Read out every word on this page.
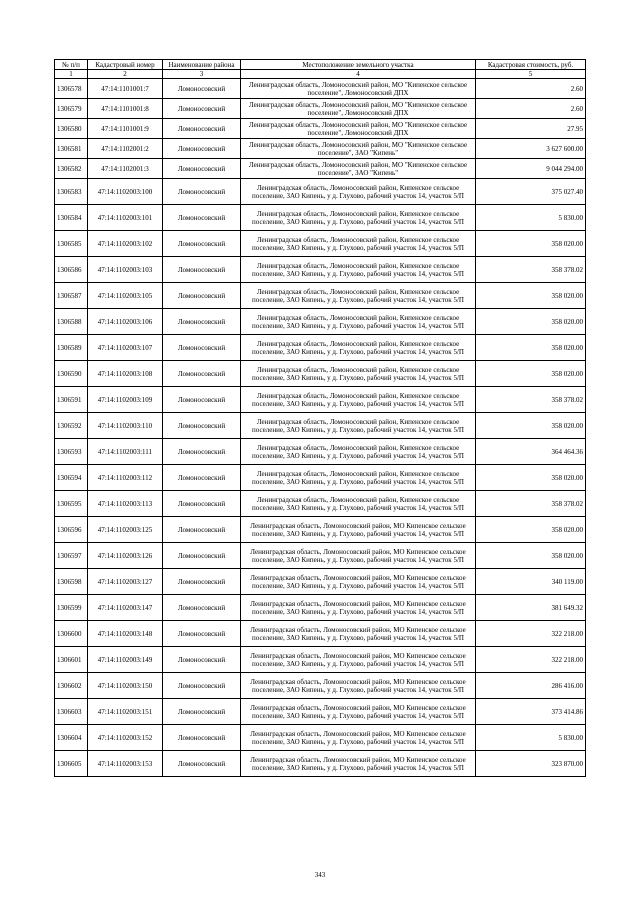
№ п/п	Кадастровый номер	Наименование района	Местоположение земельного участка	Кадастровая стоимость, руб.
1	2	3	4	5
1306578	47:14:1101001:7	Ломоносовский	Ленинградская область, Ломоносовский район, МО "Кипенское сельское поселение", Ломоносовский ДПХ	2.60
1306579	47:14:1101001:8	Ломоносовский	Ленинградская область, Ломоносовский район, МО "Кипенское сельское поселение", Ломоносовский ДПХ	2.60
1306580	47:14:1101001:9	Ломоносовский	Ленинградская область, Ломоносовский район, МО "Кипенское сельское поселение", Ломоносовский ДПХ	27.95
1306581	47:14:1102001:2	Ломоносовский	Ленинградская область, Ломоносовский район, МО "Кипенское сельское поселение", ЗАО "Кипень"	3 627 600.00
1306582	47:14:1102001:3	Ломоносовский	Ленинградская область, Ломоносовский район, МО "Кипенское сельское поселение", ЗАО "Кипень"	9 044 294.00
1306583	47:14:1102003:100	Ломоносовский	Ленинградская область, Ломоносовский район, Кипенское сельское поселение, ЗАО Кипень, у д. Глухово, рабочий участок 14, участок 5/П	375 027.40
1306584	47:14:1102003:101	Ломоносовский	Ленинградская область, Ломоносовский район, Кипенское сельское поселение, ЗАО Кипень, у д. Глухово, рабочий участок 14, участок 5/П	5 830.00
1306585	47:14:1102003:102	Ломоносовский	Ленинградская область, Ломоносовский район, Кипенское сельское поселение, ЗАО Кипень, у д. Глухово, рабочий участок 14, участок 5/П	358 020.00
1306586	47:14:1102003:103	Ломоносовский	Ленинградская область, Ломоносовский район, Кипенское сельское поселение, ЗАО Кипень, у д. Глухово, рабочий участок 14, участок 5/П	358 378.02
1306587	47:14:1102003:105	Ломоносовский	Ленинградская область, Ломоносовский район, Кипенское сельское поселение, ЗАО Кипень, у д. Глухово, рабочий участок 14, участок 5/П	358 020.00
1306588	47:14:1102003:106	Ломоносовский	Ленинградская область, Ломоносовский район, Кипенское сельское поселение, ЗАО Кипень, у д. Глухово, рабочий участок 14, участок 5/П	358 020.00
1306589	47:14:1102003:107	Ломоносовский	Ленинградская область, Ломоносовский район, Кипенское сельское поселение, ЗАО Кипень, у д. Глухово, рабочий участок 14, участок 5/П	358 020.00
1306590	47:14:1102003:108	Ломоносовский	Ленинградская область, Ломоносовский район, Кипенское сельское поселение, ЗАО Кипень, у д. Глухово, рабочий участок 14, участок 5/П	358 020.00
1306591	47:14:1102003:109	Ломоносовский	Ленинградская область, Ломоносовский район, Кипенское сельское поселение, ЗАО Кипень, у д. Глухово, рабочий участок 14, участок 5/П	358 378.02
1306592	47:14:1102003:110	Ломоносовский	Ленинградская область, Ломоносовский район, Кипенское сельское поселение, ЗАО Кипень, у д. Глухово, рабочий участок 14, участок 5/П	358 020.00
1306593	47:14:1102003:111	Ломоносовский	Ленинградская область, Ломоносовский район, Кипенское сельское поселение, ЗАО Кипень, у д. Глухово, рабочий участок 14, участок 5/П	364 464.36
1306594	47:14:1102003:112	Ломоносовский	Ленинградская область, Ломоносовский район, Кипенское сельское поселение, ЗАО Кипень, у д. Глухово, рабочий участок 14, участок 5/П	358 020.00
1306595	47:14:1102003:113	Ломоносовский	Ленинградская область, Ломоносовский район, Кипенское сельское поселение, ЗАО Кипень, у д. Глухово, рабочий участок 14, участок 5/П	358 378.02
1306596	47:14:1102003:125	Ломоносовский	Ленинградская область, Ломоносовский район, МО Кипенское сельское поселение, ЗАО Кипень, у д. Глухово, рабочий участок 14, участок 5/П	358 020.00
1306597	47:14:1102003:126	Ломоносовский	Ленинградская область, Ломоносовский район, МО Кипенское сельское поселение, ЗАО Кипень, у д. Глухово, рабочий участок 14, участок 5/П	358 020.00
1306598	47:14:1102003:127	Ломоносовский	Ленинградская область, Ломоносовский район, МО Кипенское сельское поселение, ЗАО Кипень, у д. Глухово, рабочий участок 14, участок 5/П	340 119.00
1306599	47:14:1102003:147	Ломоносовский	Ленинградская область, Ломоносовский район, МО Кипенское сельское поселение, ЗАО Кипень, у д. Глухово, рабочий участок 14, участок 5/П	381 649.32
1306600	47:14:1102003:148	Ломоносовский	Ленинградская область, Ломоносовский район, МО Кипенское сельское поселение, ЗАО Кипень, у д. Глухово, рабочий участок 14, участок 5/П	322 218.00
1306601	47:14:1102003:149	Ломоносовский	Ленинградская область, Ломоносовский район, МО Кипенское сельское поселение, ЗАО Кипень, у д. Глухово, рабочий участок 14, участок 5/П	322 218.00
1306602	47:14:1102003:150	Ломоносовский	Ленинградская область, Ломоносовский район, МО Кипенское сельское поселение, ЗАО Кипень, у д. Глухово, рабочий участок 14, участок 5/П	286 416.00
1306603	47:14:1102003:151	Ломоносовский	Ленинградская область, Ломоносовский район, МО Кипенское сельское поселение, ЗАО Кипень, у д. Глухово, рабочий участок 14, участок 5/П	373 414.86
1306604	47:14:1102003:152	Ломоносовский	Ленинградская область, Ломоносовский район, МО Кипенское сельское поселение, ЗАО Кипень, у д. Глухово, рабочий участок 14, участок 5/П	5 830.00
1306605	47:14:1102003:153	Ломоносовский	Ленинградская область, Ломоносовский район, МО Кипенское сельское поселение, ЗАО Кипень, у д. Глухово, рабочий участок 14, участок 5/П	323 870.00
343
